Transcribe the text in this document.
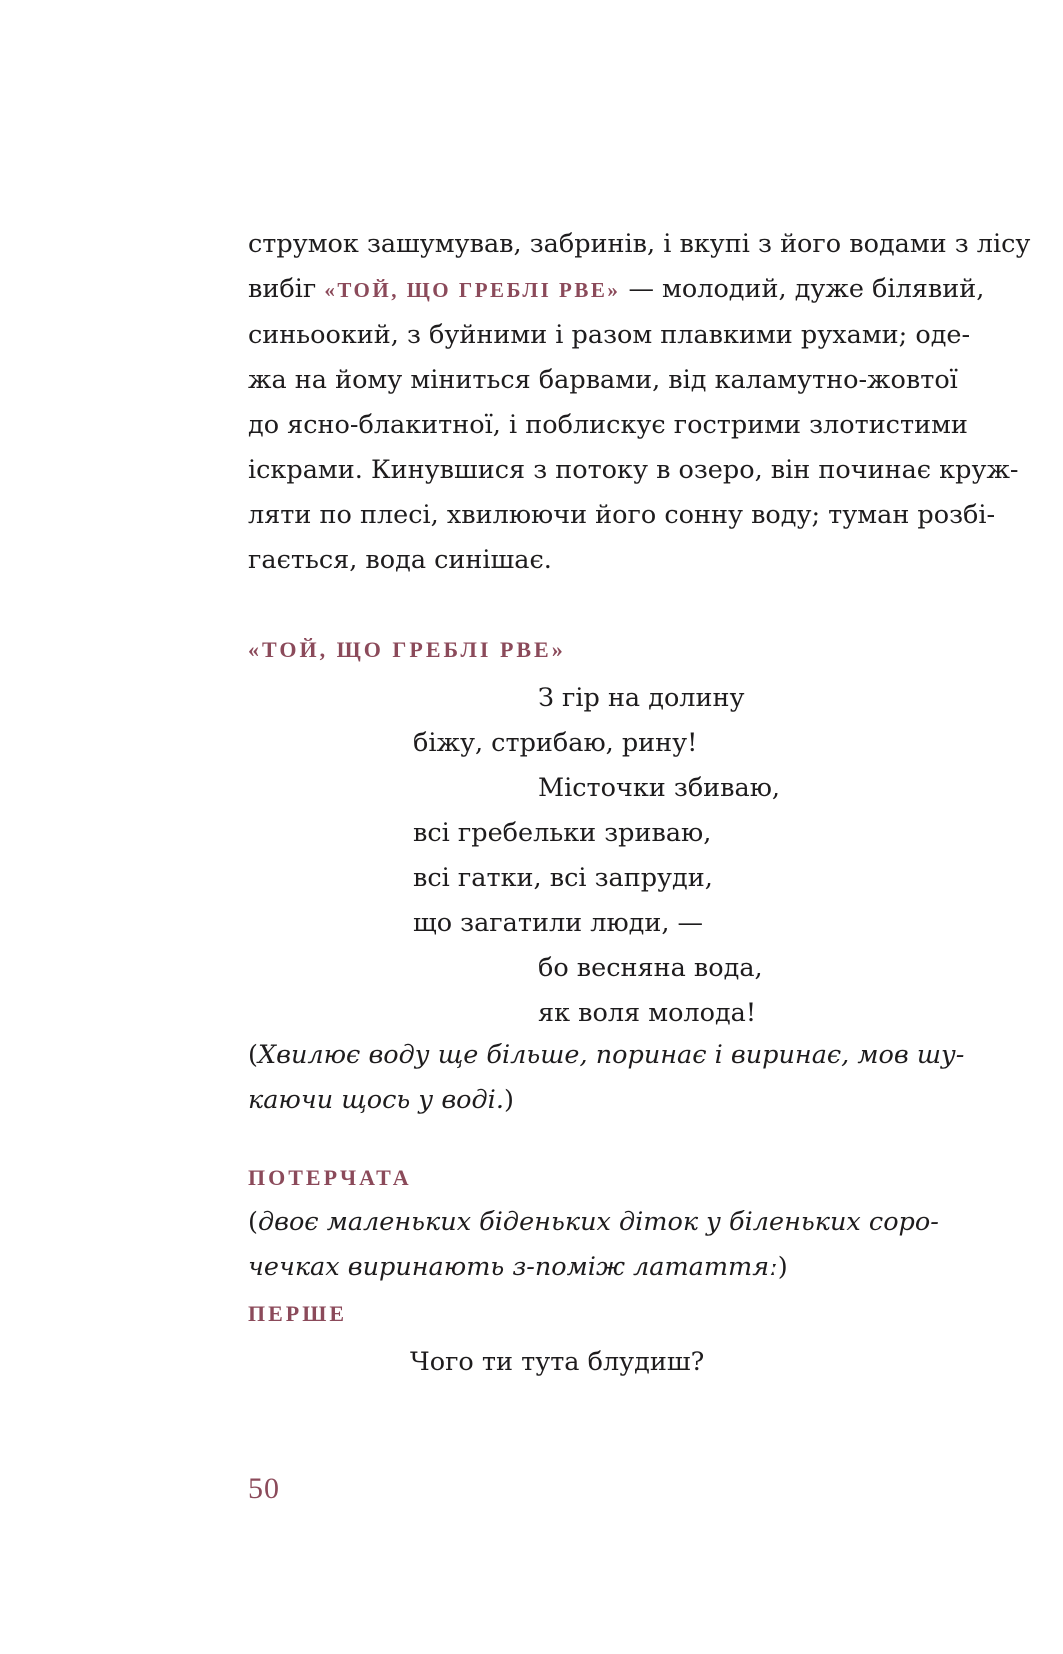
струмок зашумував, забринів, і вкупі з його водами з лісу
вибіг «ТОЙ, ЩО ГРЕБЛІ РВЕ» — молодий, дуже білявий,
синьоокий, з буйними і разом плавкими рухами; оде-
жа на йому міниться барвами, від каламутно-жовтої
до ясно-блакитної, і поблискує гострими злотистими
іскрами. Кинувшися з потоку в озеро, він починає круж-
ляти по плесі, хвилюючи його сонну воду; туман розбі-
гається, вода синішає.

«ТОЙ, ЩО ГРЕБЛІ РВЕ»

З гір на долину

біжу, стрибаю, рину!

Місточки збиваю,

всі гребельки зриваю,

всі гатки, всі запруди,

що загатили люди, —

бо весняна вода,

як воля молода!

(Хвилює воду ще більше, поринає і виринає, мов шу-
каючи щось у воді.)

ПОТЕРЧАТА

(двоє маленьких біденьких діток у біленьких соро-
чечках виринають з-поміж лататтяː)

ПЕРШЕ

Чого ти тута блудиш?

50
